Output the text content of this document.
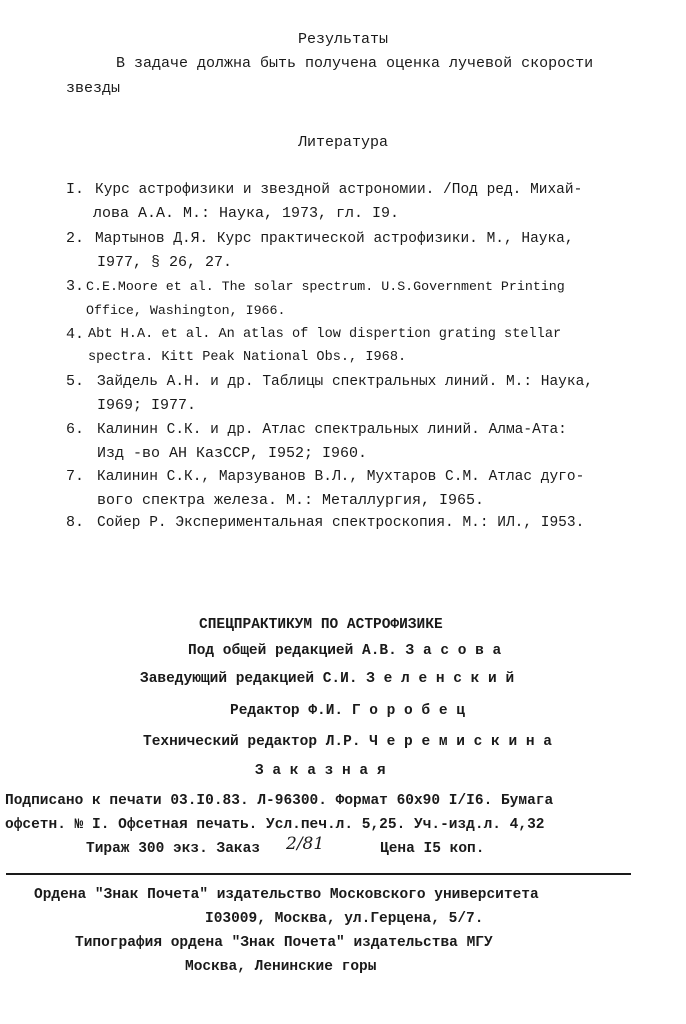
Результаты
В задаче должна быть получена оценка лучевой скорости
звезды
Литература
I. Курс астрофизики и звездной астрономии. /Под ред. Михай-
лова А.А. М.: Наука, 1973, гл. I9.
2. Мартынов Д.Я. Курс практической астрофизики. М., Наука,
I977, § 26, 27.
3. C.E.Moore et al. The solar spectrum. U.S.Government Printing
Office, Washington, I966.
4. Abt H.A. et al. An atlas of low dispertion grating stellar
spectra. Kitt Peak National Obs., I968.
5. Зайдель А.Н. и др. Таблицы спектральных линий. М.: Наука,
I969; I977.
6. Калинин С.К. и др. Атлас спектральных линий. Алма-Ата:
Изд -во АН КазССР, I952; I960.
7. Калинин С.К., Марзуванов В.Л., Мухтаров С.М. Атлас дуго-
вого спектра железа. М.: Металлургия, I965.
8. Сойер Р. Экспериментальная спектроскопия. М.: ИЛ., I953.
СПЕЦПРАКТИКУМ ПО АСТРОФИЗИКЕ
Под общей редакцией А.В. З а с о в а
Заведующий редакцией С.И. З е л е н с к и й
Редактор Ф.И. Г о р о б е ц
Технический редактор Л.Р. Ч е р е м и с к и н а
З а к а з н а я
Подписано к печати 03.I0.83. Л-96300. Формат 60х90 I/I6. Бумага
офсетн. № I. Офсетная печать. Усл.печ.л. 5,25. Уч.-изд.л. 4,32
Тираж 300 экз. Заказ 2/81	Цена I5 коп.
Ордена "Знак Почета" издательство Московского университета
I03009, Москва, ул.Герцена, 5/7.
Типография ордена "Знак Почета" издательства МГУ
Москва, Ленинские горы
